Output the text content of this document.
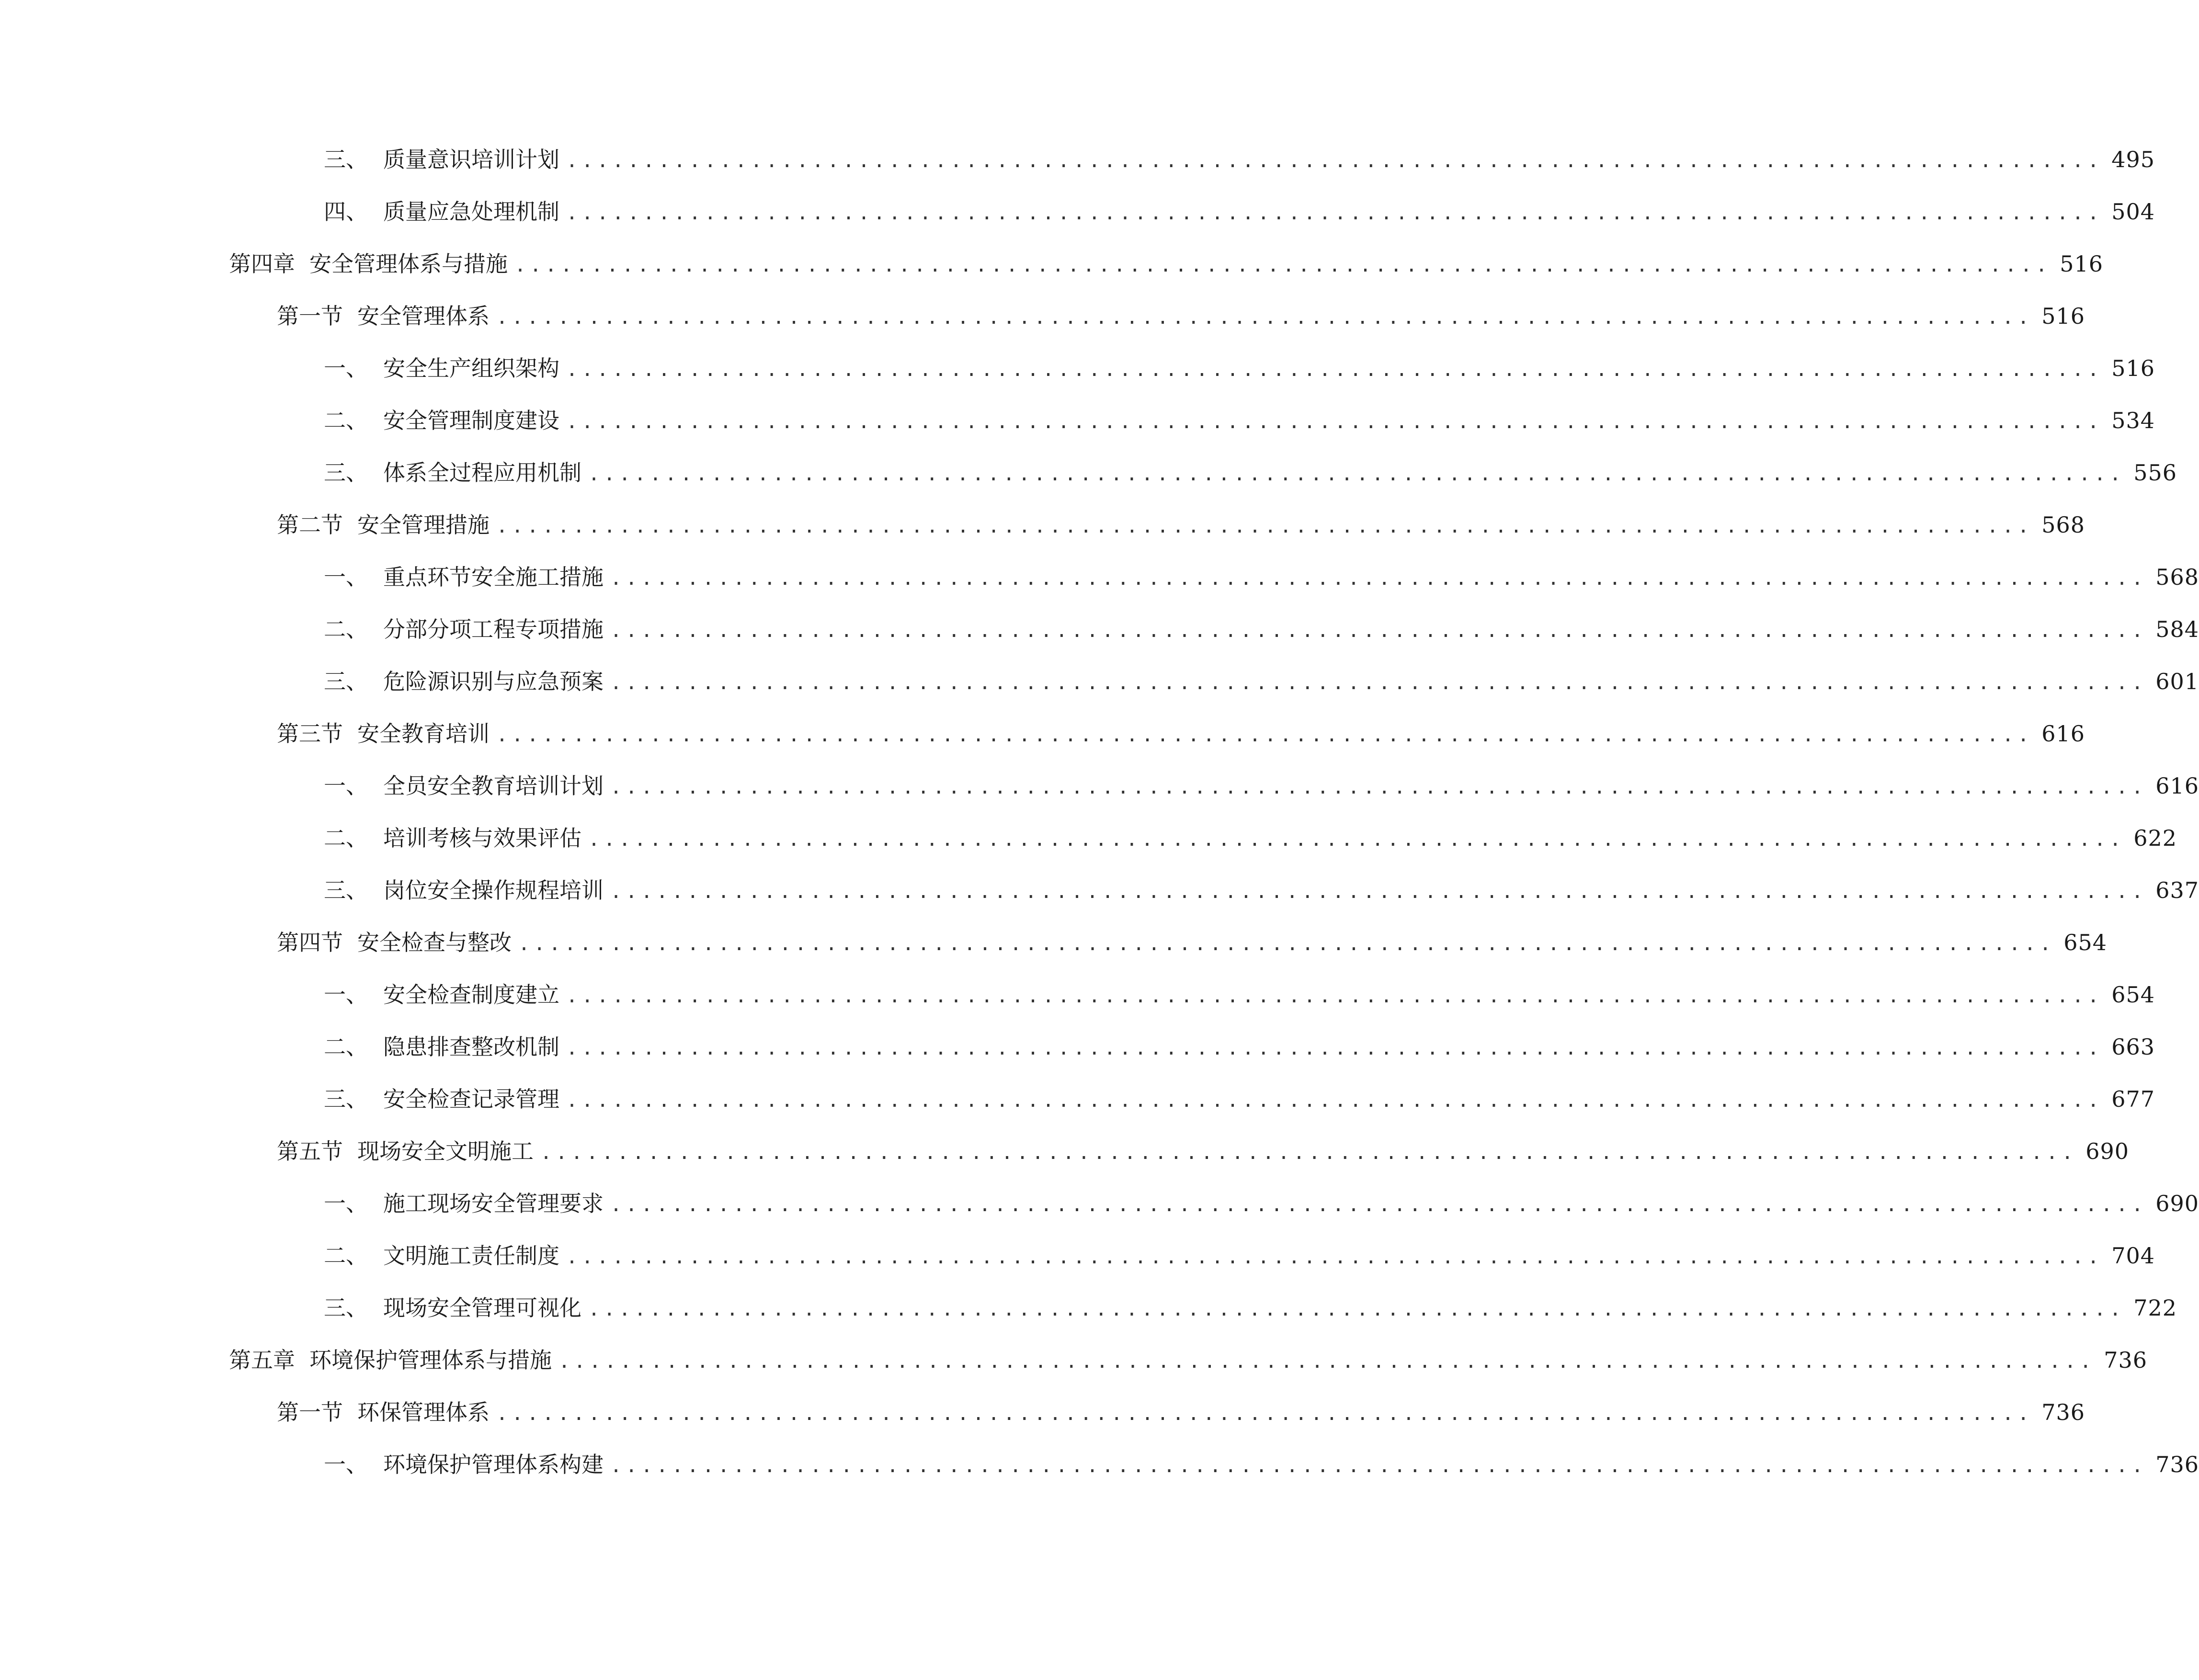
三、 质量意识培训计划 .................................................................................................... 495
四、 质量应急处理机制 .................................................................................................... 504
第四章 安全管理体系与措施 .................................................................................................... 516
第一节 安全管理体系 .................................................................................................... 516
一、 安全生产组织架构 .................................................................................................... 516
二、 安全管理制度建设 .................................................................................................... 534
三、 体系全过程应用机制 .................................................................................................... 556
第二节 安全管理措施 .................................................................................................... 568
一、 重点环节安全施工措施 .................................................................................................... 568
二、 分部分项工程专项措施 .................................................................................................... 584
三、 危险源识别与应急预案 .................................................................................................... 601
第三节 安全教育培训 .................................................................................................... 616
一、 全员安全教育培训计划 .................................................................................................... 616
二、 培训考核与效果评估 .................................................................................................... 622
三、 岗位安全操作规程培训 .................................................................................................... 637
第四节 安全检查与整改 .................................................................................................... 654
一、 安全检查制度建立 .................................................................................................... 654
二、 隐患排查整改机制 .................................................................................................... 663
三、 安全检查记录管理 .................................................................................................... 677
第五节 现场安全文明施工 .................................................................................................... 690
一、 施工现场安全管理要求 .................................................................................................... 690
二、 文明施工责任制度 .................................................................................................... 704
三、 现场安全管理可视化 .................................................................................................... 722
第五章 环境保护管理体系与措施 .................................................................................................... 736
第一节 环保管理体系 .................................................................................................... 736
一、 环境保护管理体系构建 .................................................................................................... 736
